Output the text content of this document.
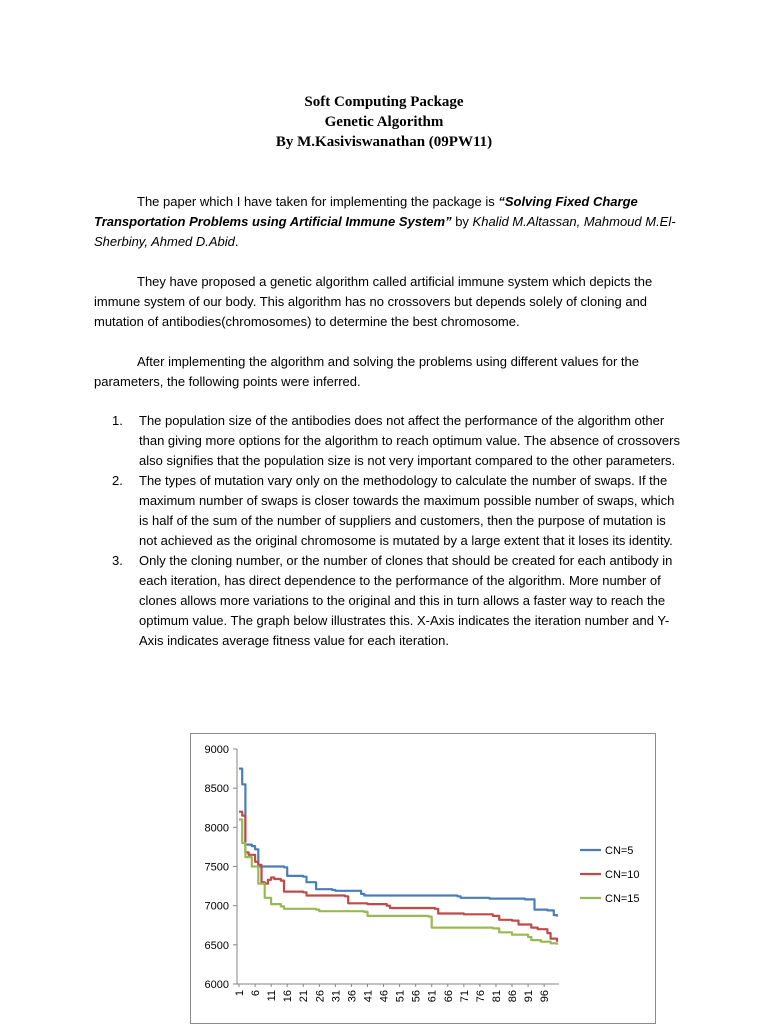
Soft Computing Package
Genetic Algorithm
By M.Kasiviswanathan (09PW11)

The paper which I have taken for implementing the package is “Solving Fixed Charge Transportation Problems using Artificial Immune System” by Khalid M.Altassan, Mahmoud M.El-Sherbiny, Ahmed D.Abid.

They have proposed a genetic algorithm called artificial immune system which depicts the immune system of our body. This algorithm has no crossovers but depends solely of cloning and mutation of antibodies(chromosomes) to determine the best chromosome.

After implementing the algorithm and solving the problems using different values for the parameters, the following points were inferred.

1. The population size of the antibodies does not affect the performance of the algorithm other than giving more options for the algorithm to reach optimum value. The absence of crossovers also signifies that the population size is not very important compared to the other parameters.
2. The types of mutation vary only on the methodology to calculate the number of swaps. If the maximum number of swaps is closer towards the maximum possible number of swaps, which is half of the sum of the number of suppliers and customers, then the purpose of mutation is not achieved as the original chromosome is mutated by a large extent that it loses its identity.
3. Only the cloning number, or the number of clones that should be created for each antibody in each iteration, has direct dependence to the performance of the algorithm. More number of clones allows more variations to the original and this in turn allows a faster way to reach the optimum value. The graph below illustrates this. X-Axis indicates the iteration number and Y-Axis indicates average fitness value for each iteration.
6000
6500
7000
7500
8000
8500
9000
1 6 11 16 21 26 31 36 41 46 51 56 61 66 71 76 81 86 91 96
CN=5
CN=10
CN=15
